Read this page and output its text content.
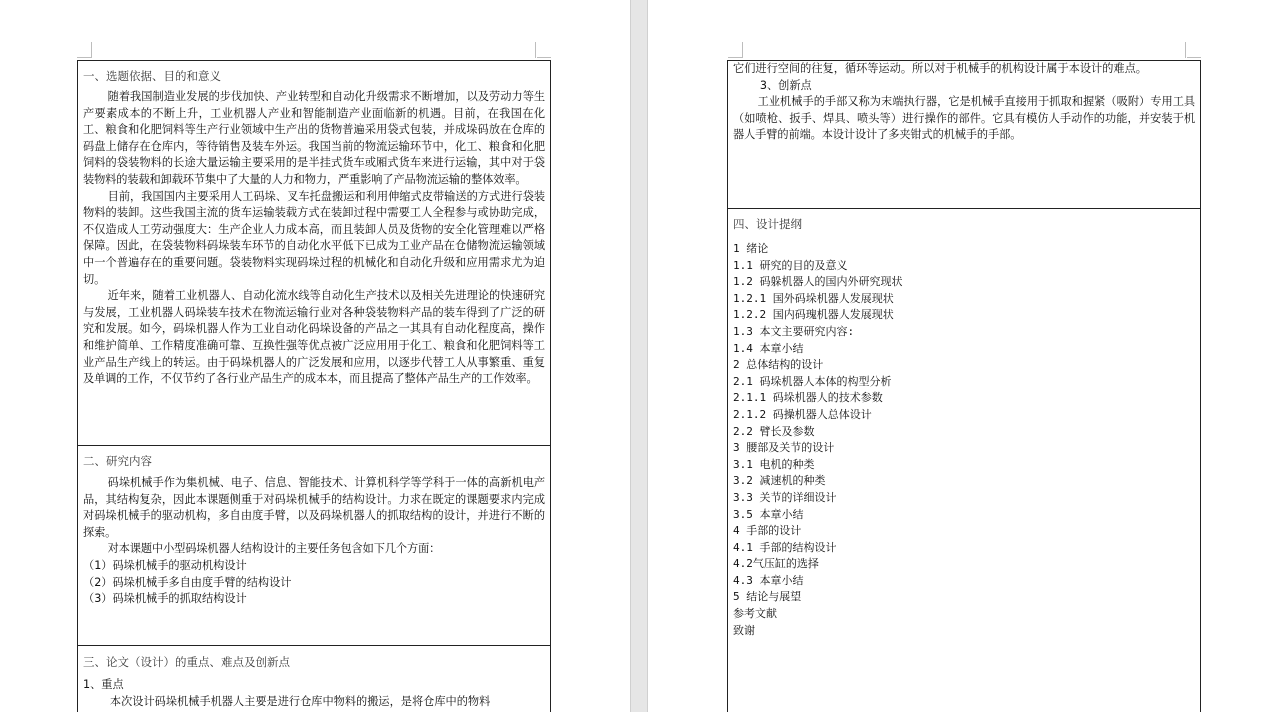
一、选题依据、目的和意义

随着我国制造业发展的步伐加快、产业转型和自动化升级需求不断增加，以及劳动力等生产要素成本的不断上升，工业机器人产业和智能制造产业面临新的机遇。目前，在我国在化工、粮食和化肥饲料等生产行业领域中生产出的货物普遍采用袋式包装，并成垛码放在仓库的码盘上储存在仓库内，等待销售及装车外运。我国当前的物流运输环节中，化工、粮食和化肥饲料的袋装物料的长途大量运输主要采用的是半挂式货车或厢式货车来进行运输，其中对于袋装物料的装载和卸载环节集中了大量的人力和物力，严重影响了产品物流运输的整体效率。

目前，我国国内主要采用人工码垛、叉车托盘搬运和利用伸缩式皮带输送的方式进行袋装物料的装卸。这些我国主流的货车运输装载方式在装卸过程中需要工人全程参与或协助完成，不仅造成人工劳动强度大：生产企业人力成本高，而且装卸人员及货物的安全化管理难以严格保障。因此，在袋装物料码垛装车环节的自动化水平低下已成为工业产品在仓储物流运输领域中一个普遍存在的重要问题。袋装物料实现码垛过程的机械化和自动化升级和应用需求尤为迫切。

近年来，随着工业机器人、自动化流水线等自动化生产技术以及相关先进理论的快速研究与发展，工业机器人码垛装车技术在物流运输行业对各种袋装物料产品的装车得到了广泛的研究和发展。如今，码垛机器人作为工业自动化码垛设备的产品之一其具有自动化程度高，操作和维护简单、工作精度准确可靠、互换性强等优点被广泛应用用于化工、粮食和化肥饲料等工业产品生产线上的转运。由于码垛机器人的广泛发展和应用，以逐步代替工人从事繁重、重复及单调的工作，不仅节约了各行业产品生产的成本本，而且提高了整体产品生产的工作效率。

二、研究内容

码垛机械手作为集机械、电子、信息、智能技术、计算机科学等学科于一体的高新机电产品，其结构复杂，因此本课题侧重于对码垛机械手的结构设计。力求在既定的课题要求内完成对码垛机械手的驱动机构，多自由度手臂，以及码垛机器人的抓取结构的设计，并进行不断的探索。

对本课题中小型码垛机器人结构设计的主要任务包含如下几个方面：

（1）码垛机械手的驱动机构设计
（2）码垛机械手多自由度手臂的结构设计
（3）码垛机械手的抓取结构设计
三、论文（设计）的重点、难点及创新点
1、重点
本次设计码垛机械手机器人主要是进行仓库中物料的搬运，是将仓库中的物料
它们进行空间的往复，循环等运动。所以对于机械手的机构设计属于本设计的难点。
3、创新点

工业机械手的手部又称为末端执行器，它是机械手直接用于抓取和握紧（吸附）专用工具（如喷枪、扳手、焊具、喷头等）进行操作的部件。它具有模仿人手动作的功能，并安装于机器人手臂的前端。本设计设计了多夹钳式的机械手的手部。

四、设计提纲
1 绪论
1.1 研究的目的及意义
1.2 码躲机器人的国内外研究现状
1.2.1 国外码垛机器人发展现状
1.2.2 国内码瑰机器人发展现状
1.3 本文主要研究内容:
1.4 本章小结
2 总体结构的设计
2.1 码垛机器人本体的构型分析
2.1.1 码垛机器人的技术参数
2.1.2 码操机器人总体设计
2.2 臂长及参数
3 腰部及关节的设计
3.1 电机的种类
3.2 减速机的种类
3.3 关节的详细设计
3.5 本章小结
4 手部的设计
4.1 手部的结构设计
4.2气压缸的选择
4.3 本章小结
5 结论与展望
参考文献
致谢
